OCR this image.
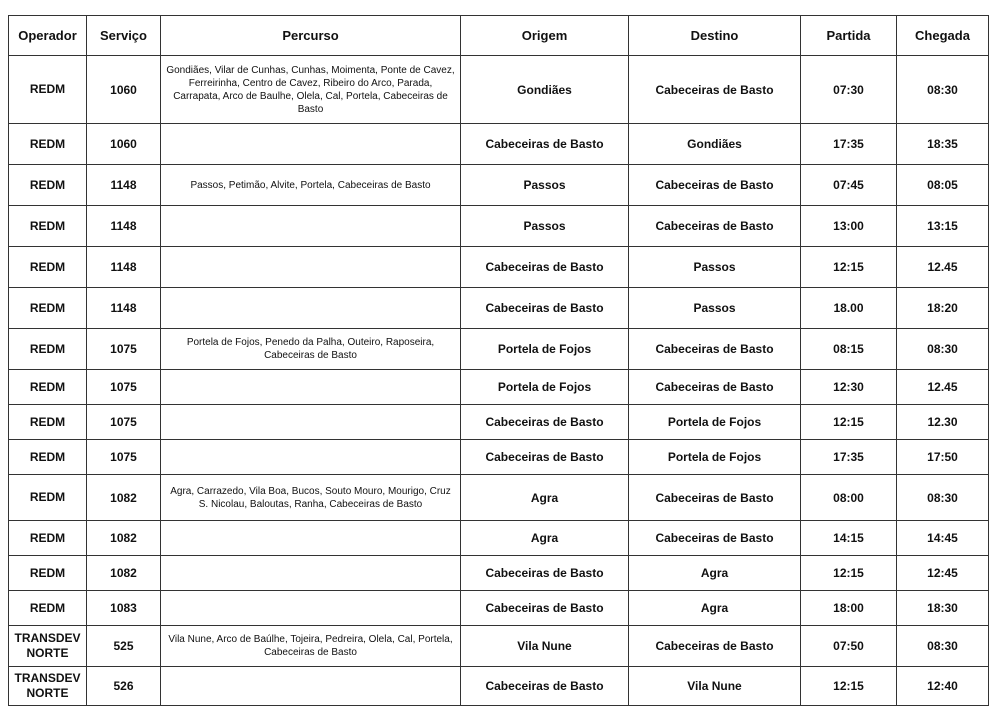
Operador	Serviço	Percurso	Origem	Destino	Partida	Chegada
REDM	1060	Gondiães, Vilar de Cunhas, Cunhas, Moimenta, Ponte de Cavez, Ferreirinha, Centro de Cavez, Ribeiro do Arco, Parada, Carrapata, Arco de Baulhe, Olela, Cal, Portela, Cabeceiras de Basto	Gondiães	Cabeceiras de Basto	07:30	08:30
REDM	1060		Cabeceiras de Basto	Gondiães	17:35	18:35
REDM	1148	Passos, Petimão, Alvite, Portela, Cabeceiras de Basto	Passos	Cabeceiras de Basto	07:45	08:05
REDM	1148		Passos	Cabeceiras de Basto	13:00	13:15
REDM	1148		Cabeceiras de Basto	Passos	12:15	12.45
REDM	1148		Cabeceiras de Basto	Passos	18.00	18:20
REDM	1075	Portela de Fojos, Penedo da Palha, Outeiro, Raposeira, Cabeceiras de Basto	Portela de Fojos	Cabeceiras de Basto	08:15	08:30
REDM	1075		Portela de Fojos	Cabeceiras de Basto	12:30	12.45
REDM	1075		Cabeceiras de Basto	Portela de Fojos	12:15	12.30
REDM	1075		Cabeceiras de Basto	Portela de Fojos	17:35	17:50
REDM	1082	Agra, Carrazedo, Vila Boa, Bucos, Souto Mouro, Mourigo, Cruz S. Nicolau, Baloutas, Ranha, Cabeceiras de Basto	Agra	Cabeceiras de Basto	08:00	08:30
REDM	1082		Agra	Cabeceiras de Basto	14:15	14:45
REDM	1082		Cabeceiras de Basto	Agra	12:15	12:45
REDM	1083		Cabeceiras de Basto	Agra	18:00	18:30
TRANSDEV NORTE	525	Vila Nune, Arco de Baúlhe, Tojeira, Pedreira, Olela, Cal, Portela, Cabeceiras de Basto	Vila Nune	Cabeceiras de Basto	07:50	08:30
TRANSDEV NORTE	526		Cabeceiras de Basto	Vila Nune	12:15	12:40
